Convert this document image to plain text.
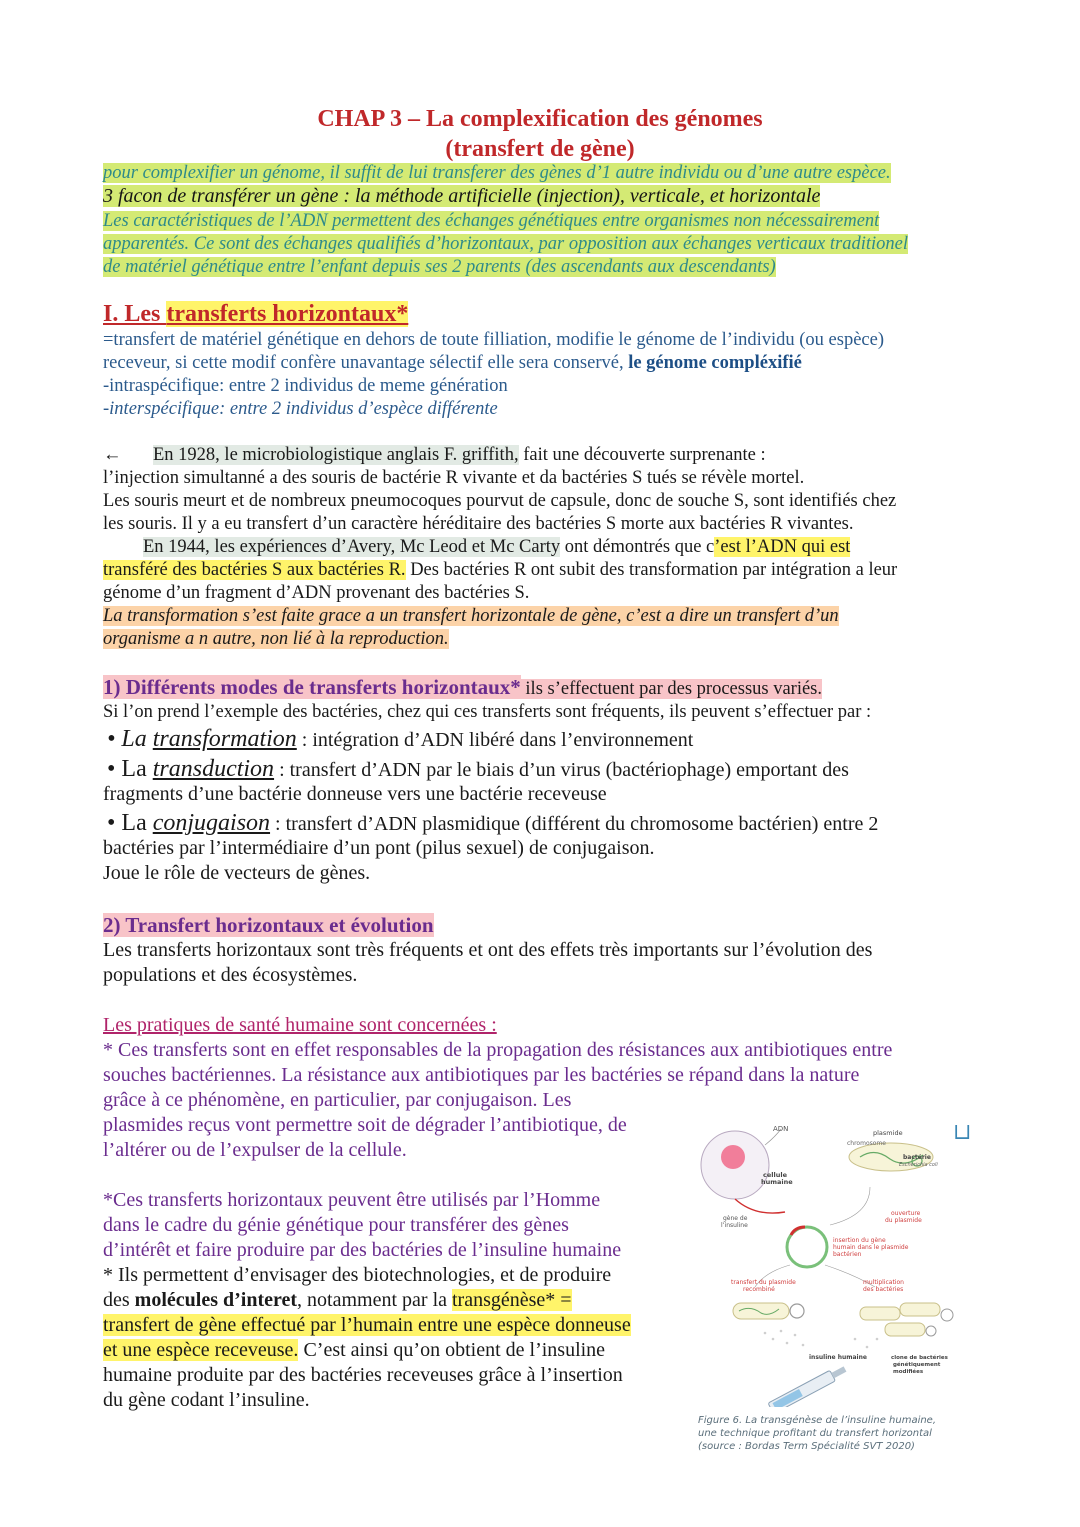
CHAP 3 – La complexification des génomes
(transfert de gène)
pour complexifier un génome, il suffit de lui transferer des gènes d’1 autre individu ou d’une autre espèce.
3 facon de transférer un gène : la méthode artificielle (injection), verticale, et horizontale
Les caractéristiques de l’ADN permettent des échanges génétiques entre organismes non nécessairement
apparentés. Ce sont des échanges qualifiés d’horizontaux, par opposition aux échanges verticaux traditionel
de matériel génétique entre l’enfant depuis ses 2 parents (des ascendants aux descendants)
I. Les transferts horizontaux*
=transfert de matériel génétique en dehors de toute filliation, modifie le génome de l’individu (ou espèce)
receveur, si cette modif confère unavantage sélectif elle sera conservé, le génome compléxifié
-intraspécifique: entre 2 individus de meme génération
-interspécifique: entre 2 individus d’espèce différente
← En 1928, le microbiologistique anglais F. griffith, fait une découverte surprenante :
l’injection simultanné a des souris de bactérie R vivante et da bactéries S tués se révèle mortel.
Les souris meurt et de nombreux pneumocoques pourvut de capsule, donc de souche S, sont identifiés chez
les souris. Il y a eu transfert d’un caractère héréditaire des bactéries S morte aux bactéries R vivantes.
En 1944, les expériences d’Avery, Mc Leod et Mc Carty ont démontrés que c’est l’ADN qui est
transféré des bactéries S aux bactéries R. Des bactéries R ont subit des transformation par intégration a leur
génome d’un fragment d’ADN provenant des bactéries S.
La transformation s’est faite grace a un transfert horizontale de gène, c’est a dire un transfert d’un
organisme a n autre, non lié à la reproduction.
1) Différents modes de transferts horizontaux* ils s’effectuent par des processus variés.
Si l’on prend l’exemple des bactéries, chez qui ces transferts sont fréquents, ils peuvent s’effectuer par :
• La transformation : intégration d’ADN libéré dans l’environnement
• La transduction : transfert d’ADN par le biais d’un virus (bactériophage) emportant des
fragments d’une bactérie donneuse vers une bactérie receveuse
• La conjugaison : transfert d’ADN plasmidique (différent du chromosome bactérien) entre 2
bactéries par l’intermédiaire d’un pont (pilus sexuel) de conjugaison.
Joue le rôle de vecteurs de gènes.
2) Transfert horizontaux et évolution
Les transferts horizontaux sont très fréquents et ont des effets très importants sur l’évolution des
populations et des écosystèmes.
Les pratiques de santé humaine sont concernées :
* Ces transferts sont en effet responsables de la propagation des résistances aux antibiotiques entre
souches bactériennes. La résistance aux antibiotiques par les bactéries se répand dans la nature
grâce à ce phénomène, en particulier, par conjugaison. Les
plasmides reçus vont permettre soit de dégrader l’antibiotique, de
l’altérer ou de l’expulser de la cellule.
*Ces transferts horizontaux peuvent être utilisés par l’Homme
dans le cadre du génie génétique pour transférer des gènes
d’intérêt et faire produire par des bactéries de l’insuline humaine
* Ils permettent d’envisager des biotechnologies, et de produire
des molécules d’interet, notamment par la transgénèse* =
transfert de gène effectué par l’humain entre une espèce donneuse
et une espèce receveuse. C’est ainsi qu’on obtient de l’insuline
humaine produite par des bactéries receveuses grâce à l’insertion
du gène codant l’insuline.
ADN
cellule
humaine
gène de
l’insuline
chromosome
plasmide
bactérie
Escherichia coli
⊔
ouverture
du plasmide
insertion du gène
humain dans le plasmide
bactérien
transfert du plasmide
recombiné
multiplication
des bactéries
insuline humaine	clone de bactéries
génétiquement
modifiées
Figure 6. La transgénèse de l’insuline humaine,
une technique profitant du transfert horizontal
(source : Bordas Term Spécialité SVT 2020)
